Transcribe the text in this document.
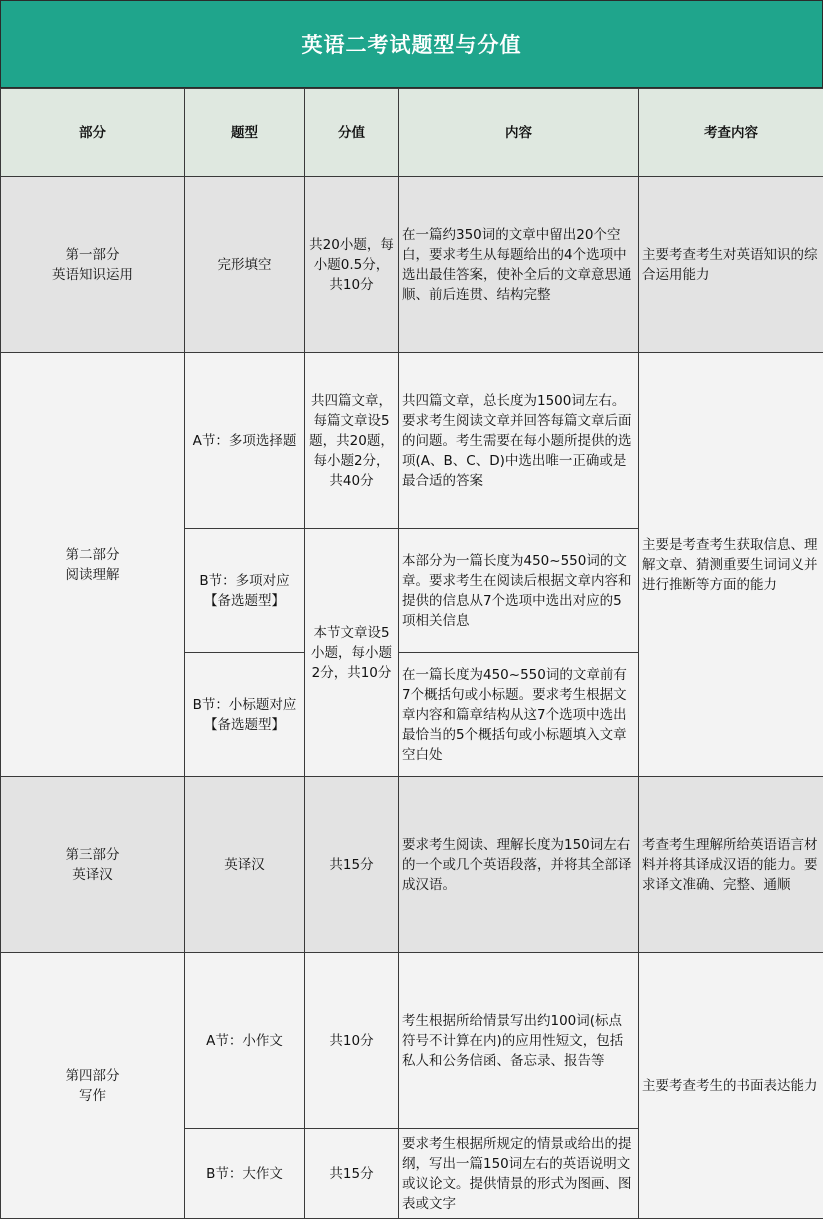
英语二考试题型与分值
部分	题型	分值	内容	考查内容

第一部分
英语知识运用	完形填空	共20小题，每小题0.5分，共10分	在一篇约350词的文章中留出20个空白，要求考生从每题给出的4个选项中选出最佳答案，使补全后的文章意思通顺、前后连贯、结构完整	主要考查考生对英语知识的综合运用能力

第二部分
阅读理解	A节：多项选择题	共四篇文章，每篇文章设5题，共20题，每小题2分，共40分	共四篇文章，总长度为1500词左右。要求考生阅读文章并回答每篇文章后面的问题。考生需要在每小题所提供的选项(A、B、C、D)中选出唯一正确或是最合适的答案	主要是考查考生获取信息、理解文章、猜测重要生词词义并进行推断等方面的能力
	B节：多项对应【备选题型】	本节文章设5小题，每小题2分，共10分	本部分为一篇长度为450~550词的文章。要求考生在阅读后根据文章内容和提供的信息从7个选项中选出对应的5项相关信息	
	B节：小标题对应【备选题型】		在一篇长度为450~550词的文章前有7个概括句或小标题。要求考生根据文章内容和篇章结构从这7个选项中选出最恰当的5个概括句或小标题填入文章空白处	

第三部分
英译汉	英译汉	共15分	要求考生阅读、理解长度为150词左右的一个或几个英语段落，并将其全部译成汉语。	考查考生理解所给英语语言材料并将其译成汉语的能力。要求译文准确、完整、通顺

第四部分
写作	A节：小作文	共10分	考生根据所给情景写出约100词(标点符号不计算在内)的应用性短文，包括私人和公务信函、备忘录、报告等	主要考查考生的书面表达能力
	B节：大作文	共15分	要求考生根据所规定的情景或给出的提纲，写出一篇150词左右的英语说明文或议论文。提供情景的形式为图画、图表或文字	
